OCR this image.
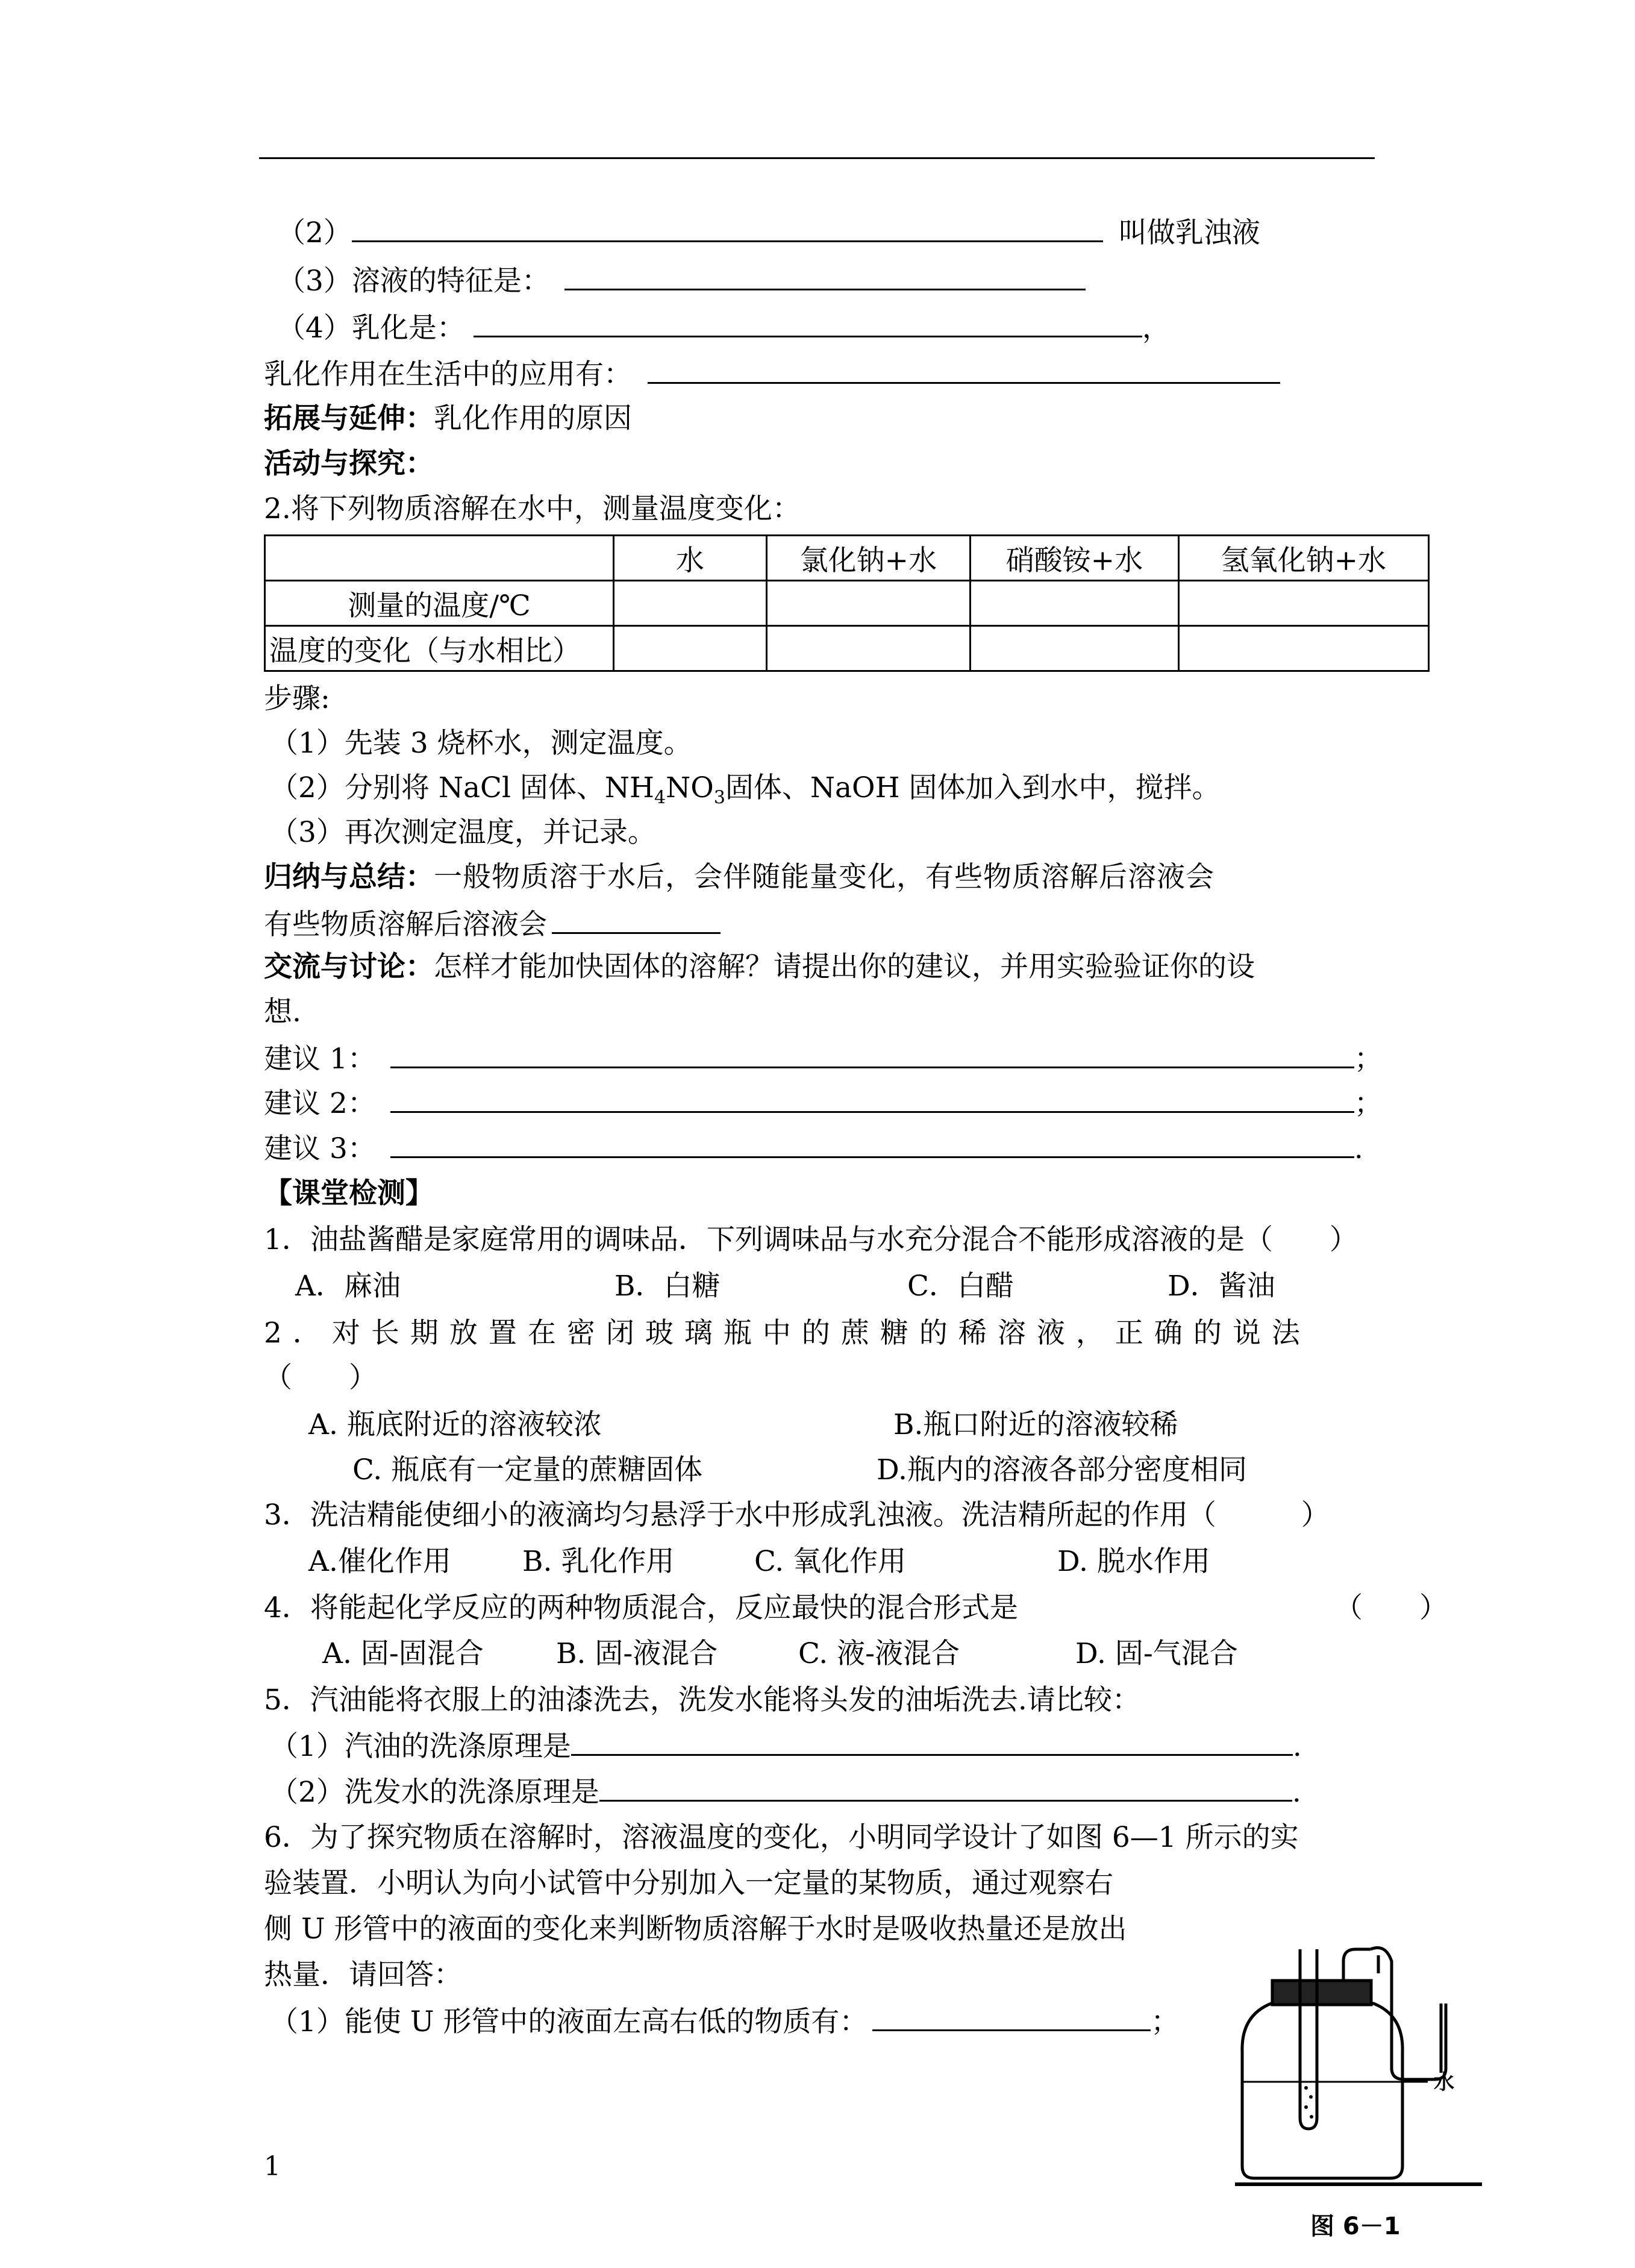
（2）	叫做乳浊液
（3）溶液的特征是：
（4）乳化是：	，
乳化作用在生活中的应用有：
拓展与延伸：乳化作用的原因
活动与探究：
2.将下列物质溶解在水中，测量温度变化：
	水	氯化钠+水	硝酸铵+水	氢氧化钠+水
测量的温度/℃				
温度的变化（与水相比）				
步骤:
（1）先装 3 烧杯水，测定温度。
（2）分别将 NaCl 固体、$NH_4NO_3$固体、NaOH 固体加入到水中，搅拌。
（3）再次测定温度，并记录。
归纳与总结：一般物质溶于水后，会伴随能量变化，有些物质溶解后溶液会
有些物质溶解后溶液会
交流与讨论：怎样才能加快固体的溶解？请提出你的建议，并用实验验证你的设
想.
建议 1：	；
建议 2：	；
建议 3：	.
【课堂检测】
1．油盐酱醋是家庭常用的调味品．下列调味品与水充分混合不能形成溶液的是（　　）
A．麻油	B．白糖	C．白醋	D．酱油
2．对长期放置在密闭玻璃瓶中的蔗糖的稀溶液，正确的说法
（　　）
A. 瓶底附近的溶液较浓	B.瓶口附近的溶液较稀
C. 瓶底有一定量的蔗糖固体	D.瓶内的溶液各部分密度相同
3．洗洁精能使细小的液滴均匀悬浮于水中形成乳浊液。洗洁精所起的作用（　　　）
A.催化作用	B. 乳化作用	C. 氧化作用	D. 脱水作用
4．将能起化学反应的两种物质混合，反应最快的混合形式是	（　　）
A. 固-固混合	B. 固-液混合	C. 液-液混合	D. 固-气混合
5．汽油能将衣服上的油漆洗去，洗发水能将头发的油垢洗去.请比较：
（1）汽油的洗涤原理是	.
（2）洗发水的洗涤原理是	.
6．为了探究物质在溶解时，溶液温度的变化，小明同学设计了如图 6—1 所示的实
验装置．小明认为向小试管中分别加入一定量的某物质，通过观察右
侧 U 形管中的液面的变化来判断物质溶解于水时是吸收热量还是放出
热量．请回答：
（1）能使 U 形管中的液面左高右低的物质有：	；
水
图 6－1
1
